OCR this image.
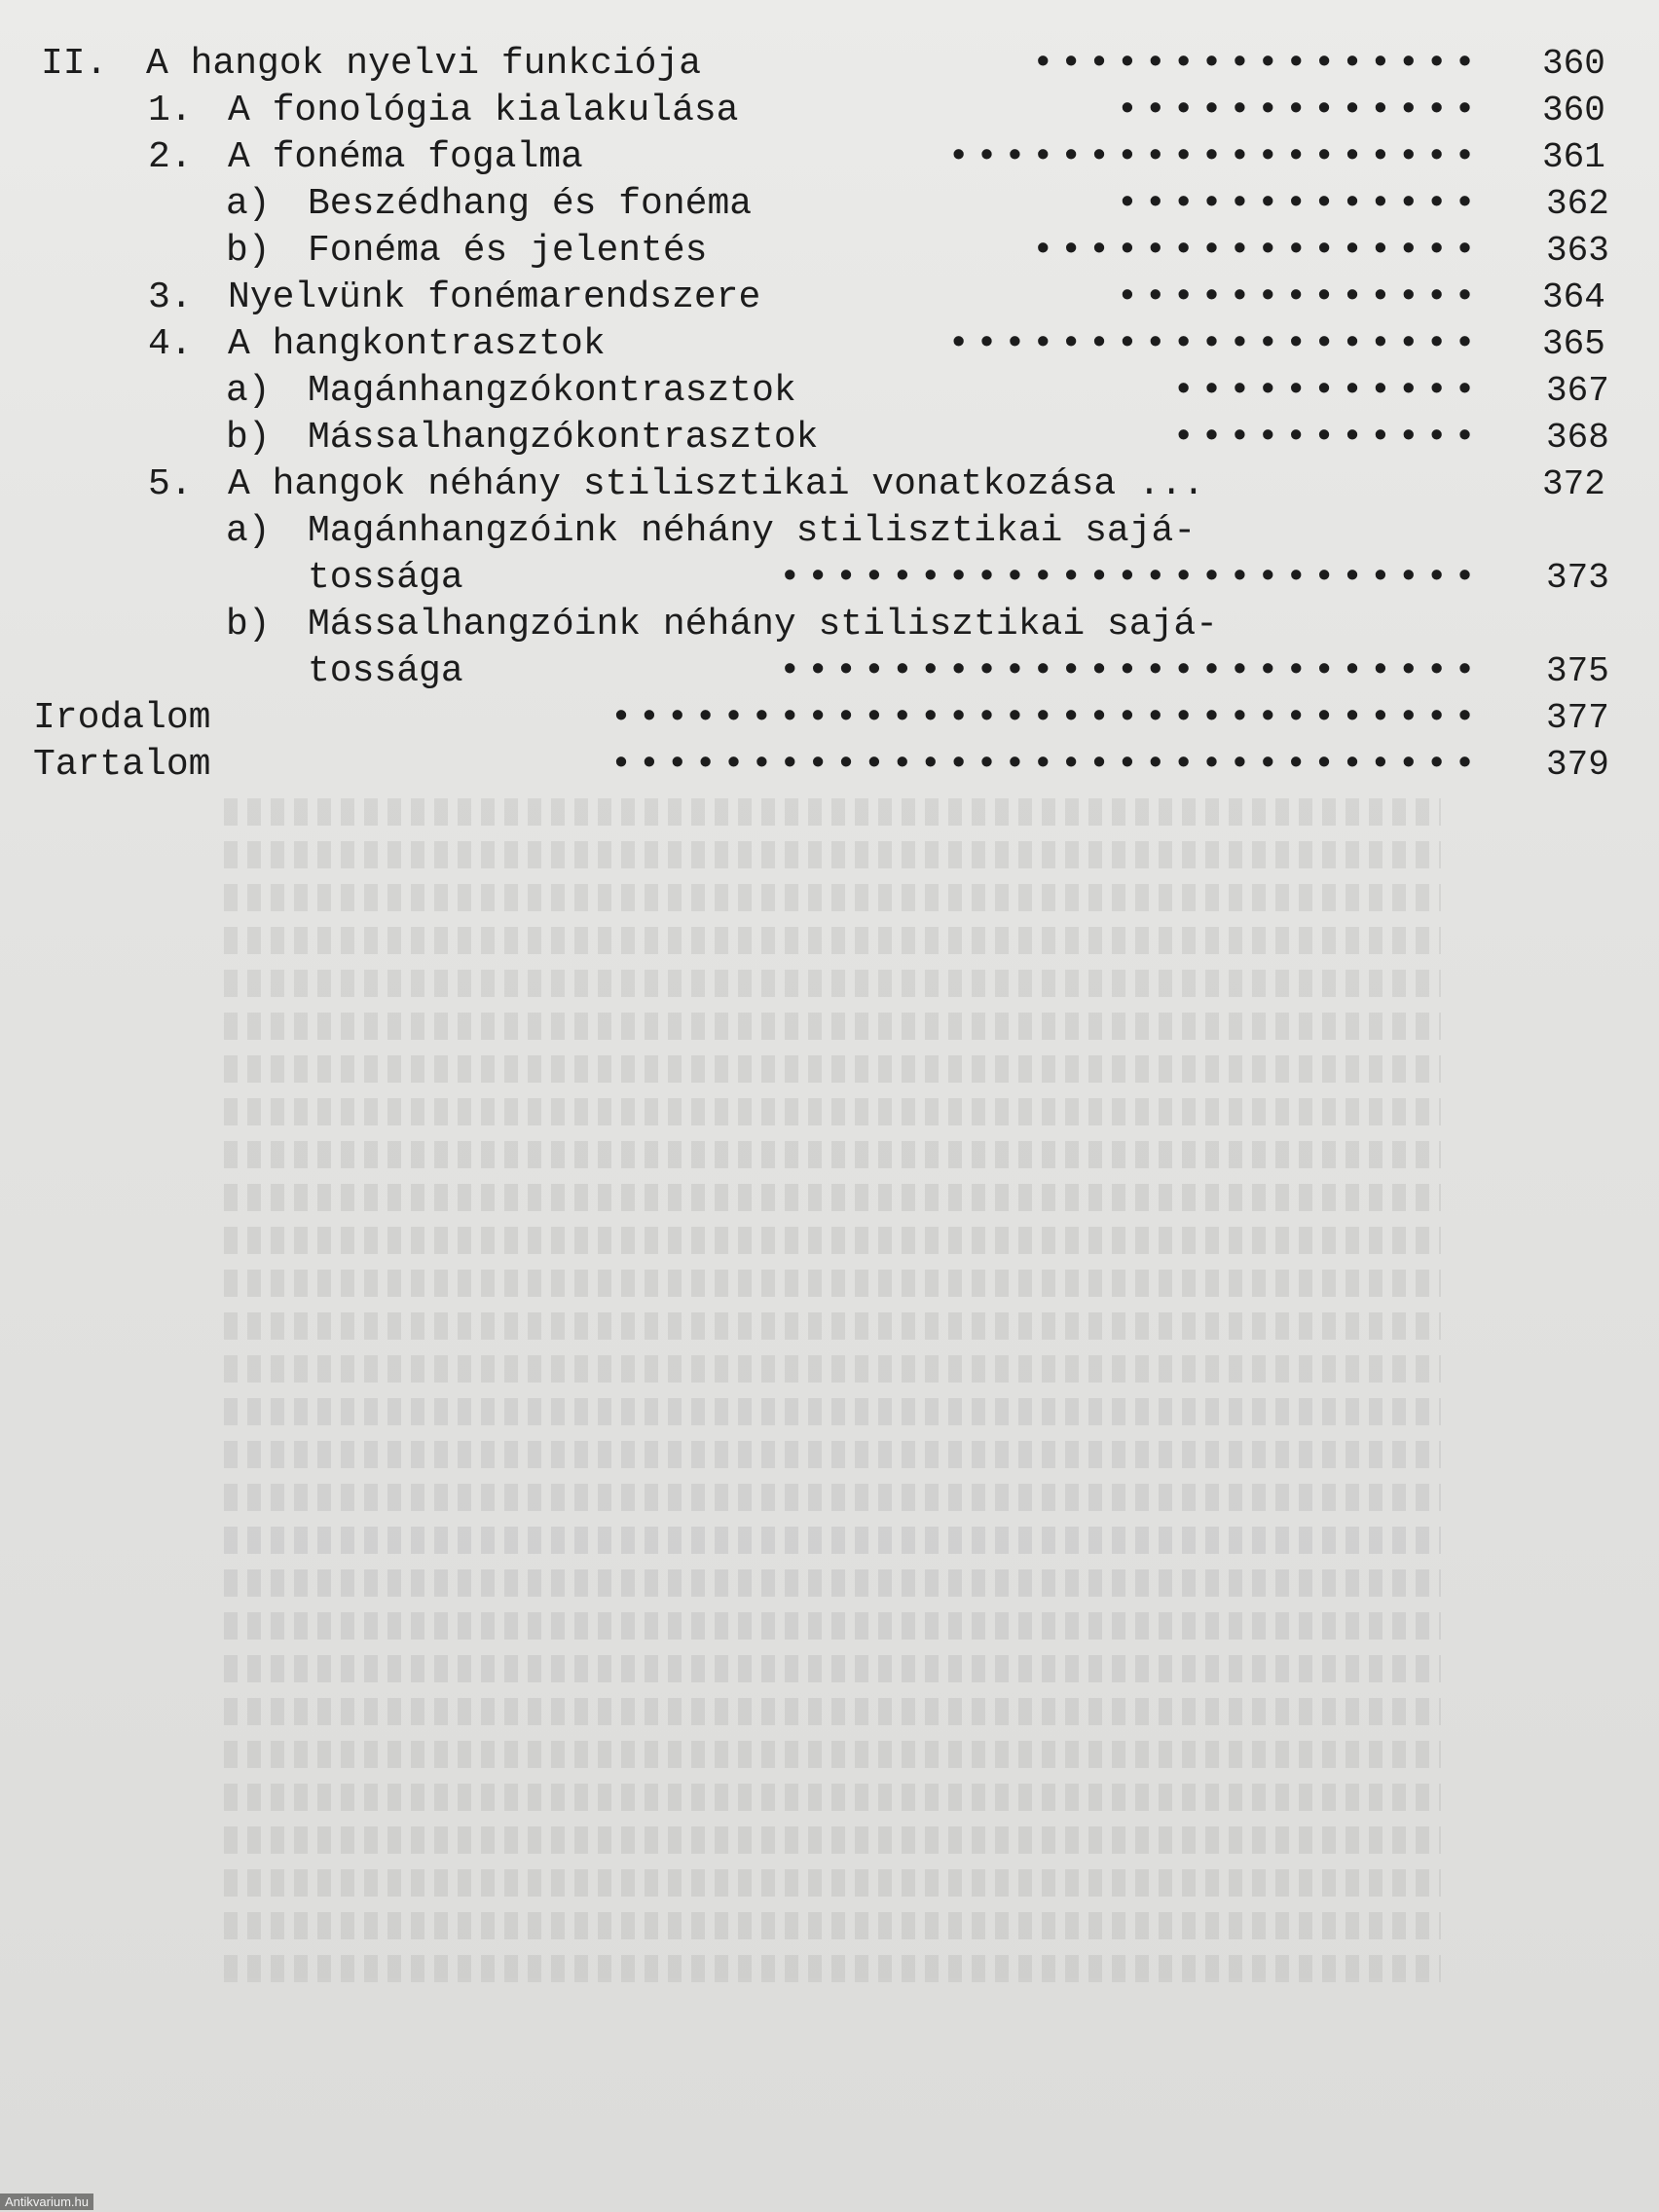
II. A hangok nyelvi funkciója	•••••••••••••••• 360
1. A fonológia kialakulása	••••••••••••• 360
2. A fonéma fogalma	••••••••••••••••••• 361
a) Beszédhang és fonéma	••••••••••••• 362
b) Fonéma és jelentés	•••••••••••••••• 363
3. Nyelvünk fonémarendszere	••••••••••••• 364
4. A hangkontrasztok	••••••••••••••••••• 365
a) Magánhangzókontrasztok	••••••••••• 367
b) Mássalhangzókontrasztok	••••••••••• 368
5. A hangok néhány stilisztikai vonatkozása ...	372
a) Magánhangzóink néhány stilisztikai sajá-
tossága	••••••••••••••••••••••••• 373
b) Mássalhangzóink néhány stilisztikai sajá-
tossága	••••••••••••••••••••••••• 375
Irodalom	••••••••••••••••••••••••••••••• 377
Tartalom	••••••••••••••••••••••••••••••• 379
Antikvarium.hu
